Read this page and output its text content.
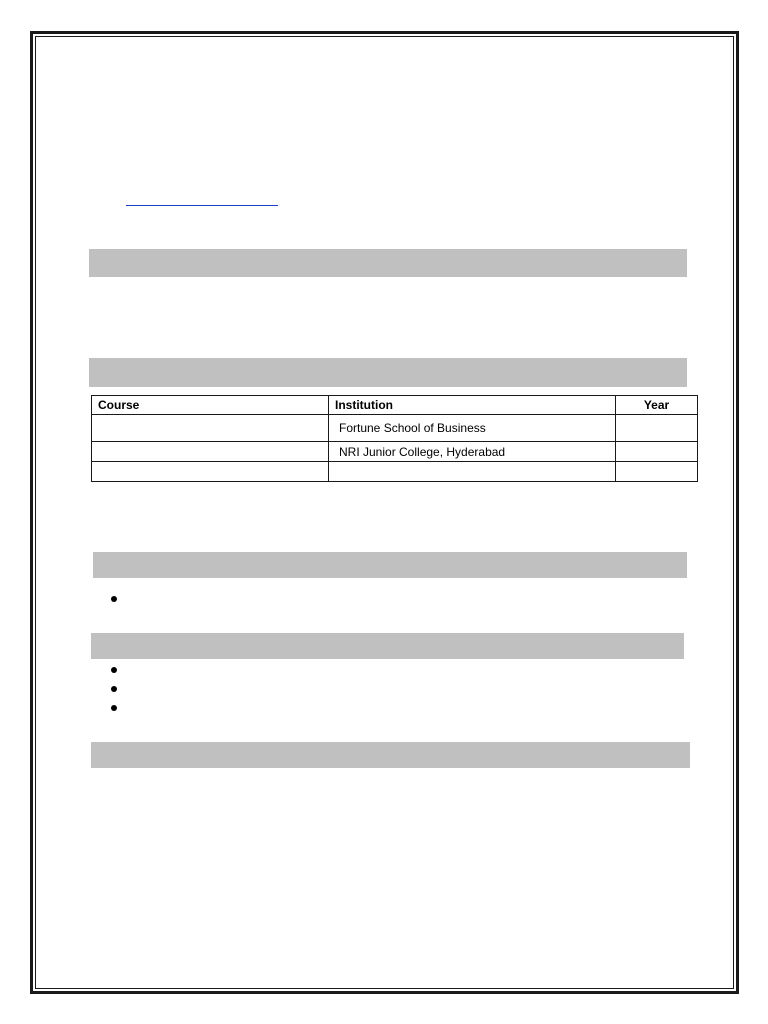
Course	Institution	Year
	Fortune School of Business	
	NRI Junior College, Hyderabad	
